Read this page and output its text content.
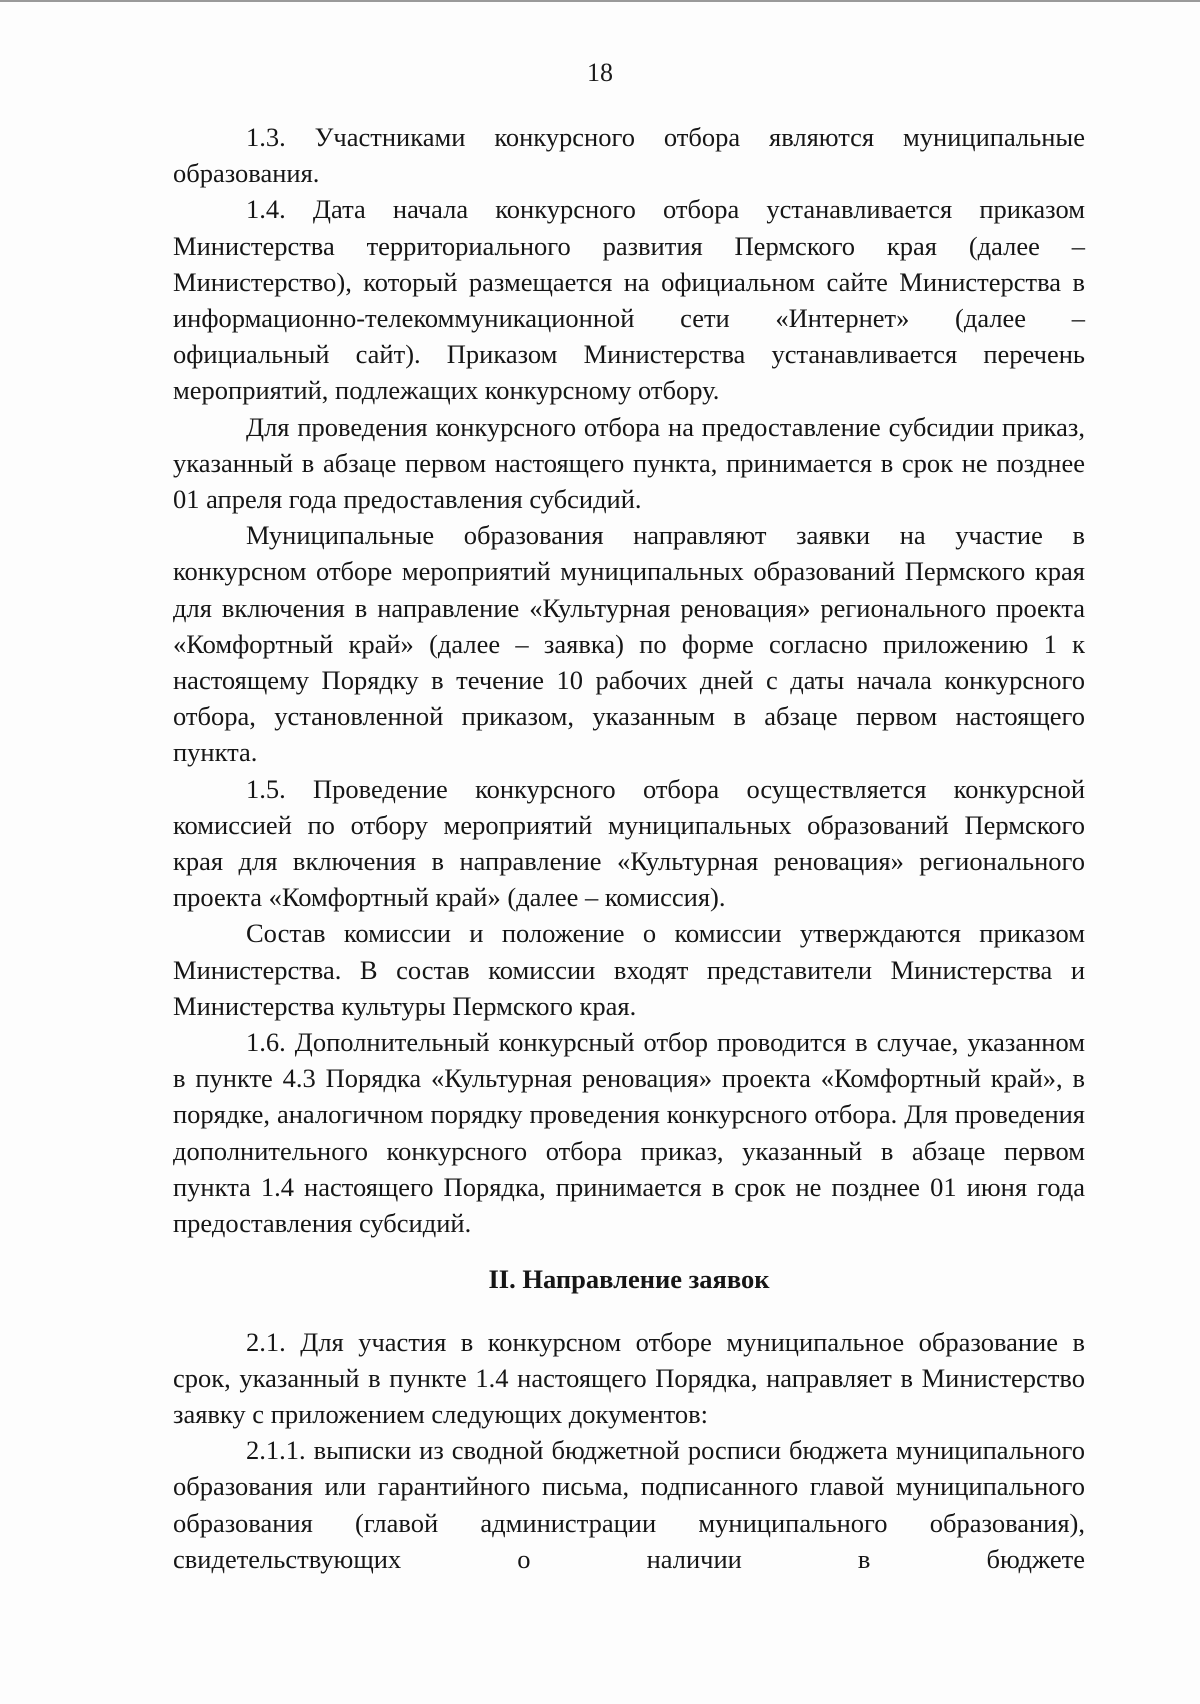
18

1.3. Участниками конкурсного отбора являются муниципальные образования.

1.4. Дата начала конкурсного отбора устанавливается приказом Министерства территориального развития Пермского края (далее – Министерство), который размещается на официальном сайте Министерства в информационно-телекоммуникационной сети «Интернет» (далее – официальный сайт). Приказом Министерства устанавливается перечень мероприятий, подлежащих конкурсному отбору.

Для проведения конкурсного отбора на предоставление субсидии приказ, указанный в абзаце первом настоящего пункта, принимается в срок не позднее 01 апреля года предоставления субсидий.

Муниципальные образования направляют заявки на участие в конкурсном отборе мероприятий муниципальных образований Пермского края для включения в направление «Культурная реновация» регионального проекта «Комфортный край» (далее – заявка) по форме согласно приложению 1 к настоящему Порядку в течение 10 рабочих дней с даты начала конкурсного отбора, установленной приказом, указанным в абзаце первом настоящего пункта.

1.5. Проведение конкурсного отбора осуществляется конкурсной комиссией по отбору мероприятий муниципальных образований Пермского края для включения в направление «Культурная реновация» регионального проекта «Комфортный край» (далее – комиссия).

Состав комиссии и положение о комиссии утверждаются приказом Министерства. В состав комиссии входят представители Министерства и Министерства культуры Пермского края.

1.6. Дополнительный конкурсный отбор проводится в случае, указанном в пункте 4.3 Порядка «Культурная реновация» проекта «Комфортный край», в порядке, аналогичном порядку проведения конкурсного отбора. Для проведения дополнительного конкурсного отбора приказ, указанный в абзаце первом пункта 1.4 настоящего Порядка, принимается в срок не позднее 01 июня года предоставления субсидий.

II. Направление заявок

2.1. Для участия в конкурсном отборе муниципальное образование в срок, указанный в пункте 1.4 настоящего Порядка, направляет в Министерство заявку с приложением следующих документов:

2.1.1. выписки из сводной бюджетной росписи бюджета муниципального образования или гарантийного письма, подписанного главой муниципального образования (главой администрации муниципального образования), свидетельствующих о наличии в бюджете
